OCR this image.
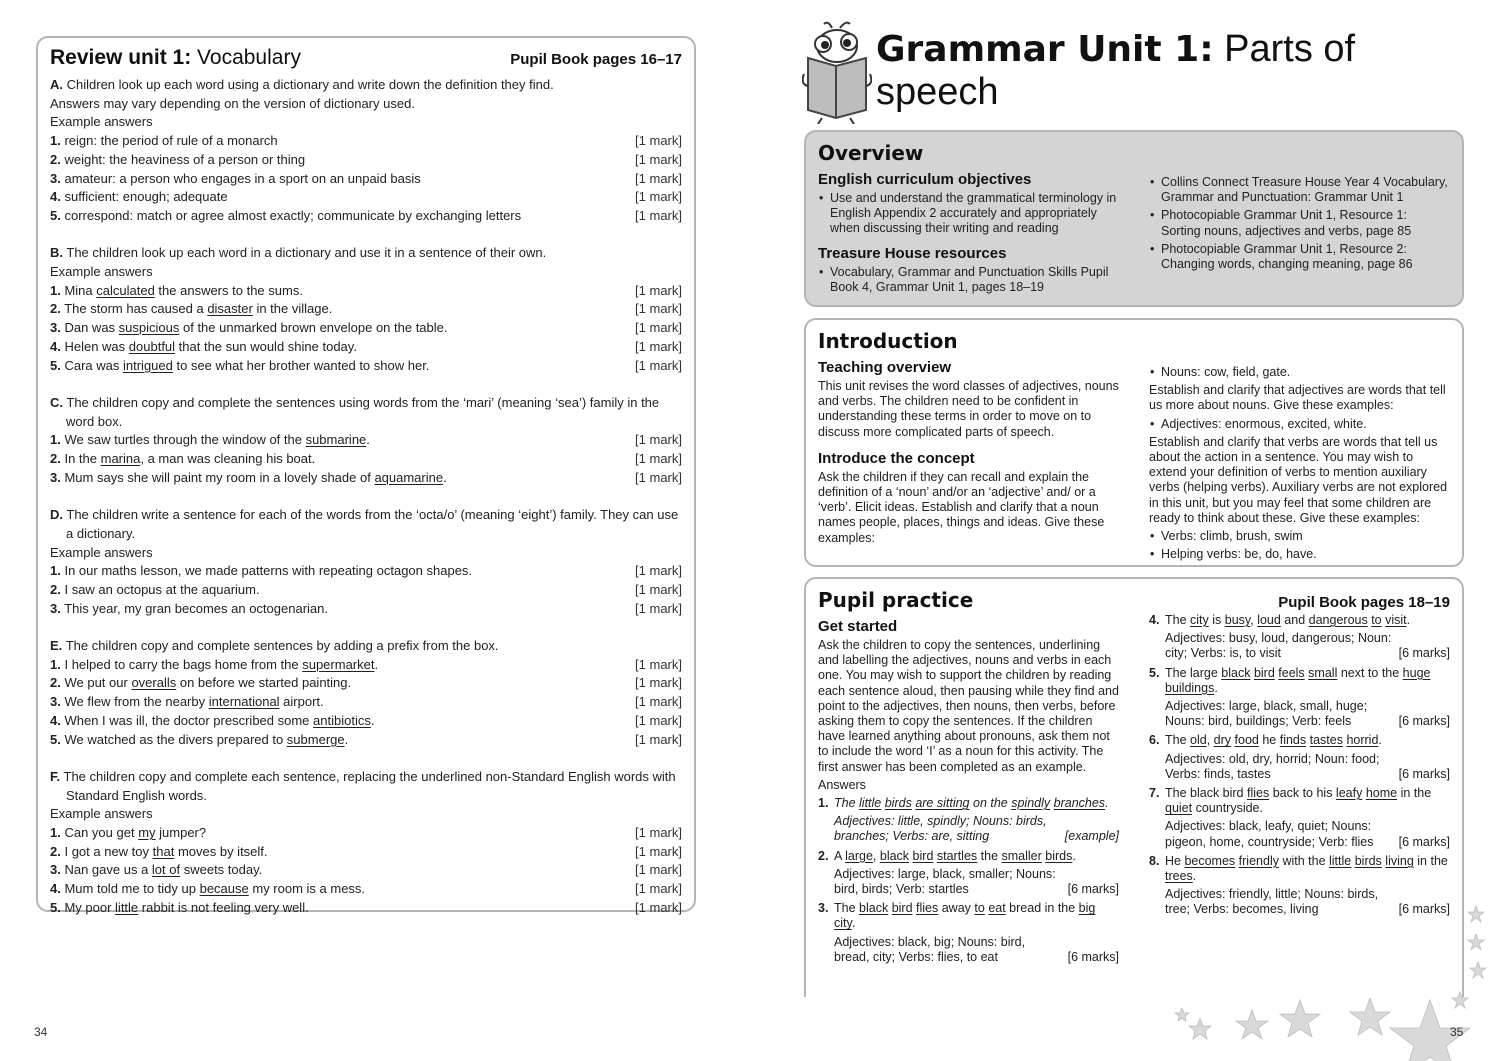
Review unit 1: Vocabulary	Pupil Book pages 16–17
A. Children look up each word using a dictionary and write down the definition they find.
Answers may vary depending on the version of dictionary used.
Example answers
1. reign: the period of rule of a monarch	[1 mark]
2. weight: the heaviness of a person or thing	[1 mark]
3. amateur: a person who engages in a sport on an unpaid basis	[1 mark]
4. sufficient: enough; adequate	[1 mark]
5. correspond: match or agree almost exactly; communicate by exchanging letters	[1 mark]
B. The children look up each word in a dictionary and use it in a sentence of their own.
Example answers
1. Mina calculated the answers to the sums.	[1 mark]
2. The storm has caused a disaster in the village.	[1 mark]
3. Dan was suspicious of the unmarked brown envelope on the table.	[1 mark]
4. Helen was doubtful that the sun would shine today.	[1 mark]
5. Cara was intrigued to see what her brother wanted to show her.	[1 mark]
C. The children copy and complete the sentences using words from the ‘mari’ (meaning ‘sea’) family in the word box.
1. We saw turtles through the window of the submarine.	[1 mark]
2. In the marina, a man was cleaning his boat.	[1 mark]
3. Mum says she will paint my room in a lovely shade of aquamarine.	[1 mark]
D. The children write a sentence for each of the words from the ‘octa/o’ (meaning ‘eight’) family. They can use a dictionary.
Example answers
1. In our maths lesson, we made patterns with repeating octagon shapes.	[1 mark]
2. I saw an octopus at the aquarium.	[1 mark]
3. This year, my gran becomes an octogenarian.	[1 mark]
E. The children copy and complete sentences by adding a prefix from the box.
1. I helped to carry the bags home from the supermarket.	[1 mark]
2. We put our overalls on before we started painting.	[1 mark]
3. We flew from the nearby international airport.	[1 mark]
4. When I was ill, the doctor prescribed some antibiotics.	[1 mark]
5. We watched as the divers prepared to submerge.	[1 mark]
F. The children copy and complete each sentence, replacing the underlined non-Standard English words with Standard English words.
Example answers
1. Can you get my jumper?	[1 mark]
2. I got a new toy that moves by itself.	[1 mark]
3. Nan gave us a lot of sweets today.	[1 mark]
4. Mum told me to tidy up because my room is a mess.	[1 mark]
5. My poor little rabbit is not feeling very well.	[1 mark]
34
Grammar Unit 1: Parts of speech
Overview
English curriculum objectives
• Use and understand the grammatical terminology in English Appendix 2 accurately and appropriately when discussing their writing and reading
Treasure House resources
• Vocabulary, Grammar and Punctuation Skills Pupil Book 4, Grammar Unit 1, pages 18–19
• Collins Connect Treasure House Year 4 Vocabulary, Grammar and Punctuation: Grammar Unit 1
• Photocopiable Grammar Unit 1, Resource 1: Sorting nouns, adjectives and verbs, page 85
• Photocopiable Grammar Unit 1, Resource 2: Changing words, changing meaning, page 86
Introduction
Teaching overview

This unit revises the word classes of adjectives, nouns and verbs. The children need to be confident in understanding these terms in order to move on to discuss more complicated parts of speech.

Introduce the concept

Ask the children if they can recall and explain the definition of a ‘noun’ and/or an ‘adjective’ and/ or a ‘verb’. Elicit ideas. Establish and clarify that a noun names people, places, things and ideas. Give these examples:

• Nouns: cow, field, gate.

Establish and clarify that adjectives are words that tell us more about nouns. Give these examples:

• Adjectives: enormous, excited, white.

Establish and clarify that verbs are words that tell us about the action in a sentence. You may wish to extend your definition of verbs to mention auxiliary verbs (helping verbs). Auxiliary verbs are not explored in this unit, but you may feel that some children are ready to think about these. Give these examples:

• Verbs: climb, brush, swim
• Helping verbs: be, do, have.
Pupil practice	Pupil Book pages 18–19
Get started

Ask the children to copy the sentences, underlining and labelling the adjectives, nouns and verbs in each one. You may wish to support the children by reading each sentence aloud, then pausing while they find and point to the adjectives, then nouns, then verbs, before asking them to copy the sentences. If the children have learned anything about pronouns, ask them not to include the word ‘I’ as a noun for this activity. The first answer has been completed as an example.

Answers

1. The little birds are sitting on the spindly branches.
Adjectives: little, spindly; Nouns: birds, branches; Verbs: are, sitting	[example]
2. A large, black bird startles the smaller birds.
Adjectives: large, black, smaller; Nouns: bird, birds; Verb: startles	[6 marks]
3. The black bird flies away to eat bread in the big city.
Adjectives: black, big; Nouns: bird, bread, city; Verbs: flies, to eat	[6 marks]
4. The city is busy, loud and dangerous to visit.
Adjectives: busy, loud, dangerous; Noun: city; Verbs: is, to visit	[6 marks]
5. The large black bird feels small next to the huge buildings.
Adjectives: large, black, small, huge; Nouns: bird, buildings; Verb: feels	[6 marks]
6. The old, dry food he finds tastes horrid.
Adjectives: old, dry, horrid; Noun: food; Verbs: finds, tastes	[6 marks]
7. The black bird flies back to his leafy home in the quiet countryside.
Adjectives: black, leafy, quiet; Nouns: pigeon, home, countryside; Verb: flies	[6 marks]
8. He becomes friendly with the little birds living in the trees.
Adjectives: friendly, little; Nouns: birds, tree; Verbs: becomes, living	[6 marks]
35
